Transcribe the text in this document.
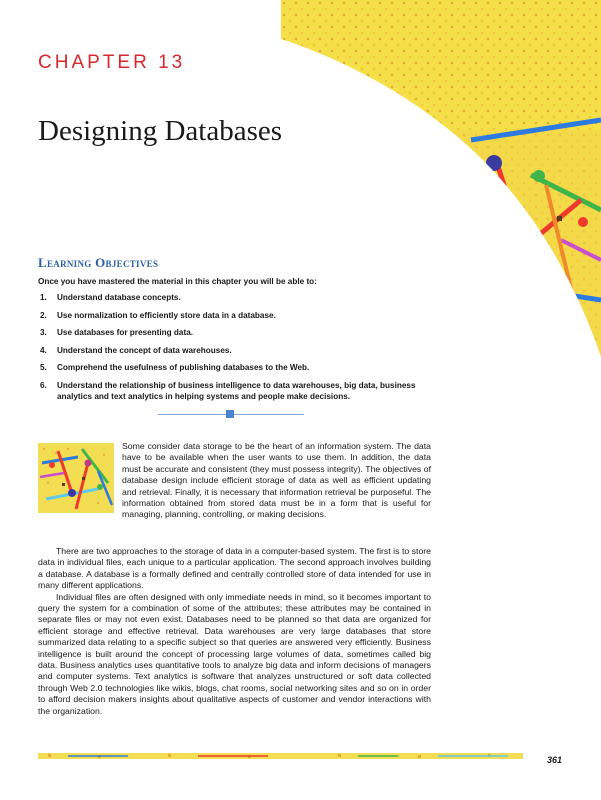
CHAPTER 13
Designing Databases
Learning Objectives
Once you have mastered the material in this chapter you will be able to:
1.	Understand database concepts.
2.	Use normalization to efficiently store data in a database.
3.	Use databases for presenting data.
4.	Understand the concept of data warehouses.
5.	Comprehend the usefulness of publishing databases to the Web.
6.	Understand the relationship of business intelligence to data warehouses, big data, business analytics and text analytics in helping systems and people make decisions.

Some consider data storage to be the heart of an information system. The data have to be available when the user wants to use them. In addition, the data must be accurate and consistent (they must possess integrity). The objectives of database design include efficient storage of data as well as efficient updating and retrieval. Finally, it is necessary that information retrieval be purposeful. The information obtained from stored data must be in a form that is useful for managing, planning, controlling, or making decisions.

There are two approaches to the storage of data in a computer-based system. The first is to store data in individual files, each unique to a particular application. The second approach involves building a database. A database is a formally defined and centrally controlled store of data intended for use in many different applications.

Individual files are often designed with only immediate needs in mind, so it becomes important to query the system for a combination of some of the attributes; these attributes may be contained in separate files or may not even exist. Databases need to be planned so that data are organized for efficient storage and effective retrieval. Data warehouses are very large databases that store summarized data relating to a specific subject so that queries are answered very efficiently. Business intelligence is built around the concept of processing large volumes of data, sometimes called big data. Business analytics uses quantitative tools to analyze big data and inform decisions of managers and computer systems. Text analytics is software that analyzes unstructured or soft data collected through Web 2.0 technologies like wikis, blogs, chat rooms, social networking sites and so on in order to afford decision makers insights about qualitative aspects of customer and vendor interactions with the organization.

361
